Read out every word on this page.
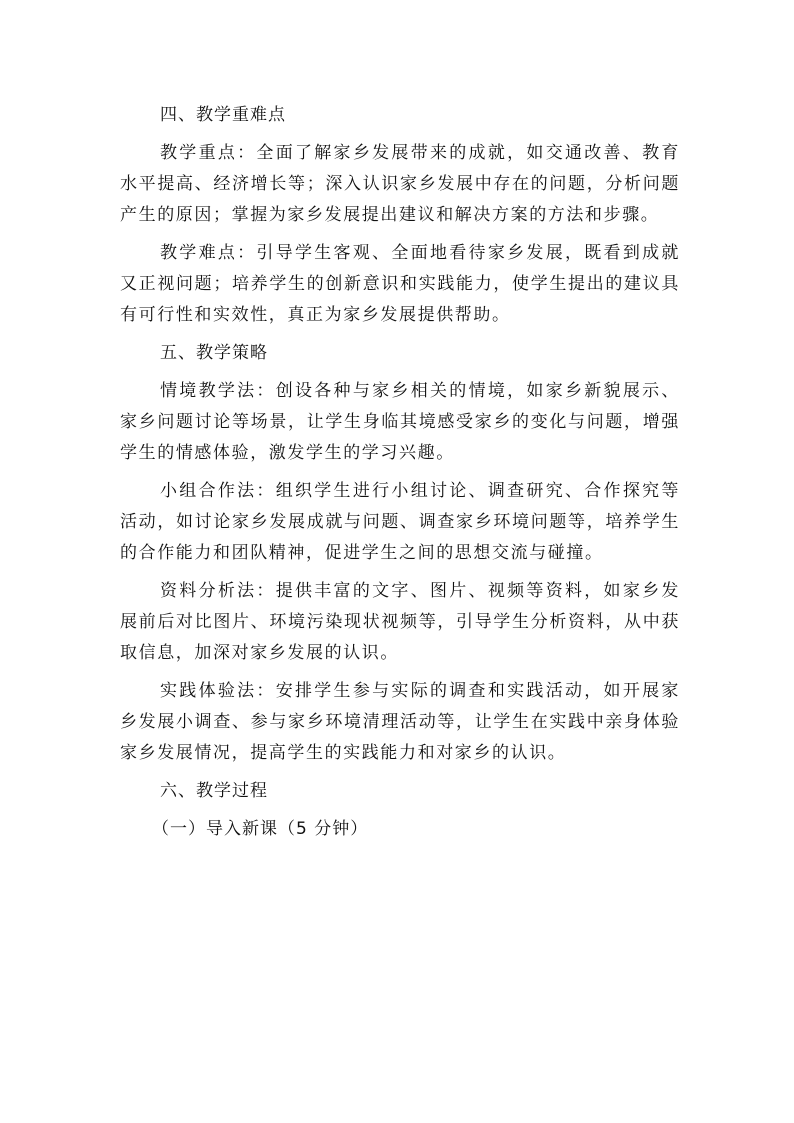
四、教学重难点

教学重点：全面了解家乡发展带来的成就，如交通改善、教育水平提高、经济增长等；深入认识家乡发展中存在的问题，分析问题产生的原因；掌握为家乡发展提出建议和解决方案的方法和步骤。

教学难点：引导学生客观、全面地看待家乡发展，既看到成就又正视问题；培养学生的创新意识和实践能力，使学生提出的建议具有可行性和实效性，真正为家乡发展提供帮助。

五、教学策略

情境教学法：创设各种与家乡相关的情境，如家乡新貌展示、家乡问题讨论等场景，让学生身临其境感受家乡的变化与问题，增强学生的情感体验，激发学生的学习兴趣。

小组合作法：组织学生进行小组讨论、调查研究、合作探究等活动，如讨论家乡发展成就与问题、调查家乡环境问题等，培养学生的合作能力和团队精神，促进学生之间的思想交流与碰撞。

资料分析法：提供丰富的文字、图片、视频等资料，如家乡发展前后对比图片、环境污染现状视频等，引导学生分析资料，从中获取信息，加深对家乡发展的认识。

实践体验法：安排学生参与实际的调查和实践活动，如开展家乡发展小调查、参与家乡环境清理活动等，让学生在实践中亲身体验家乡发展情况，提高学生的实践能力和对家乡的认识。

六、教学过程

（一）导入新课（5 分钟）
